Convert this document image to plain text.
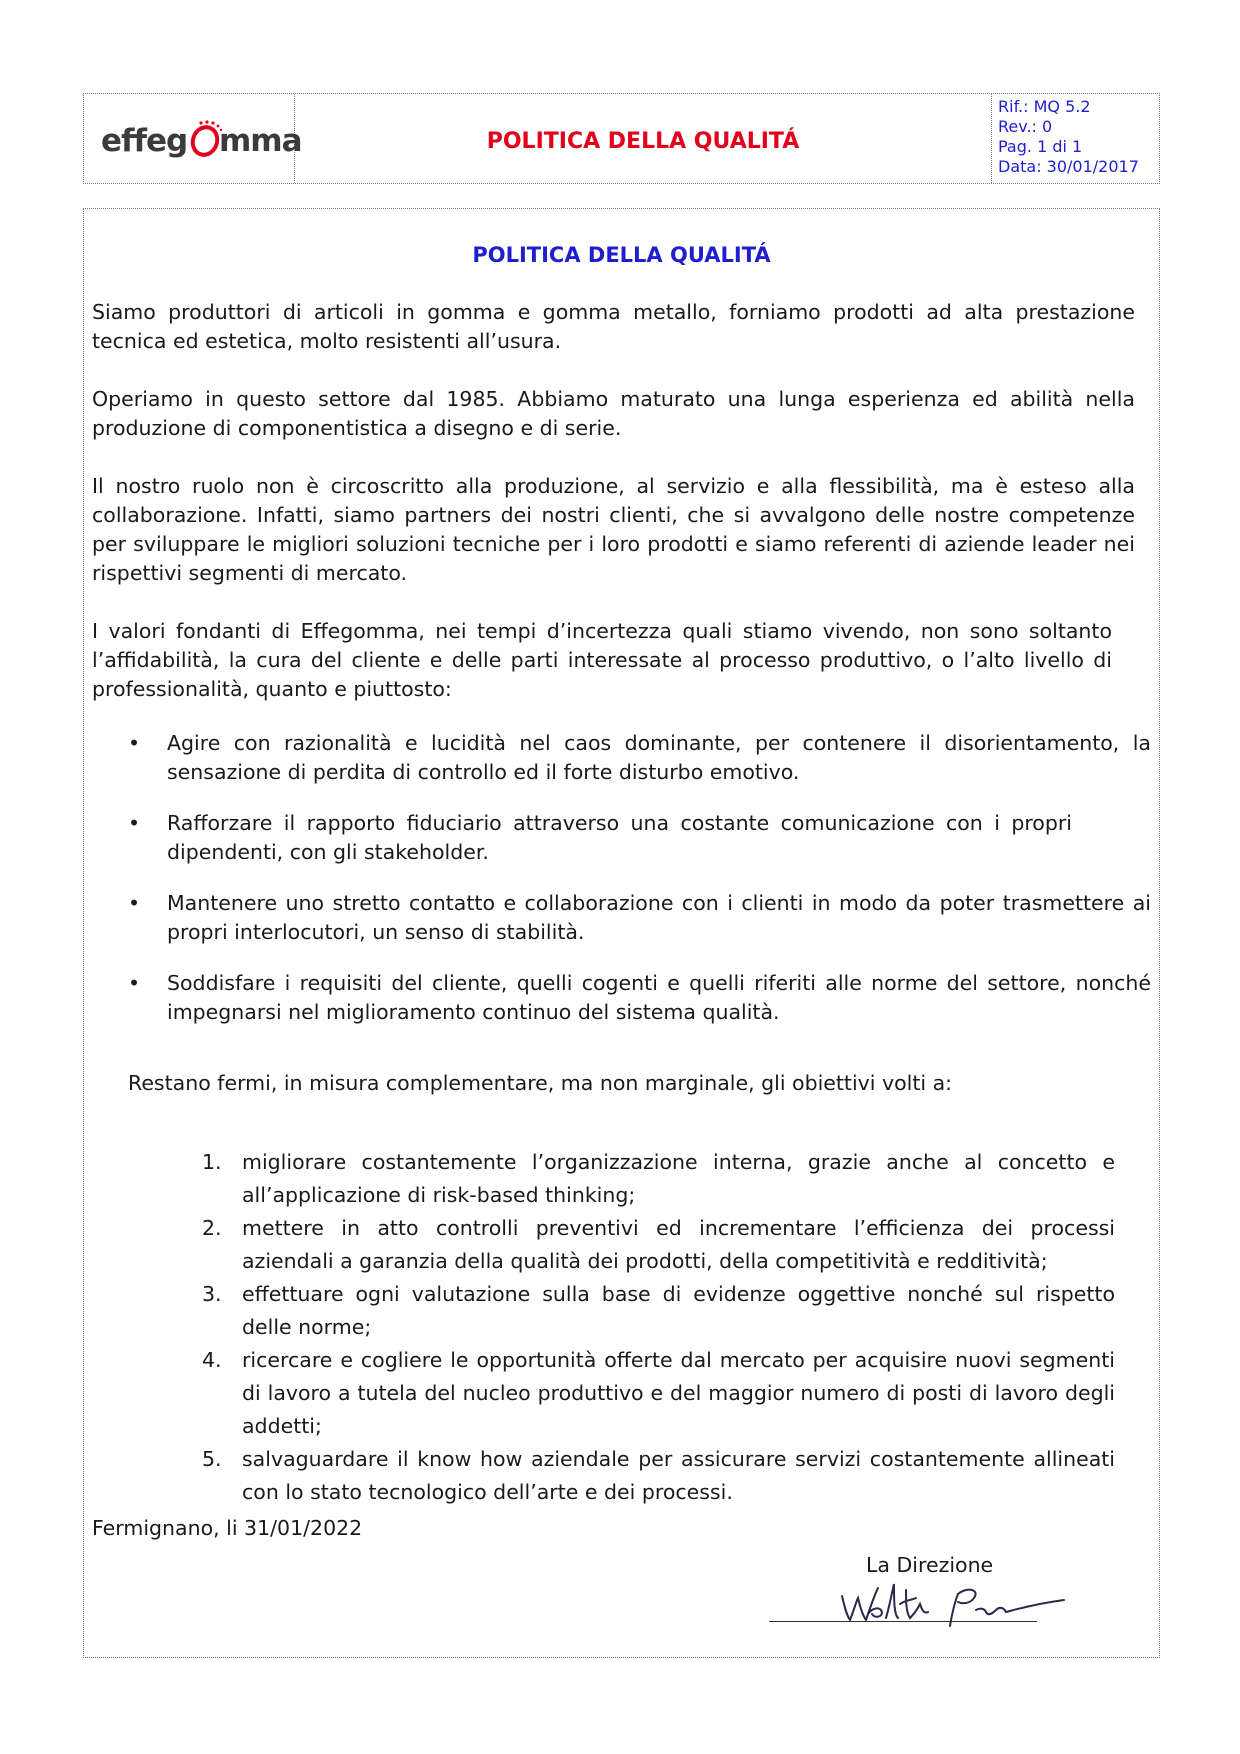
effeg mma	POLITICA DELLA QUALITÁ
Rif.: MQ 5.2
Rev.: 0
Pag. 1 di 1
Data: 30/01/2017
POLITICA DELLA QUALITÁ

Siamo produttori di articoli in gomma e gomma metallo, forniamo prodotti ad alta prestazione tecnica ed estetica, molto resistenti all’usura.

Operiamo in questo settore dal 1985. Abbiamo maturato una lunga esperienza ed abilità nella produzione di componentistica a disegno e di serie.

Il nostro ruolo non è circoscritto alla produzione, al servizio e alla flessibilità, ma è esteso alla collaborazione. Infatti, siamo partners dei nostri clienti, che si avvalgono delle nostre competenze per sviluppare le migliori soluzioni tecniche per i loro prodotti e siamo referenti di aziende leader nei rispettivi segmenti di mercato.

I valori fondanti di Effegomma, nei tempi d’incertezza quali stiamo vivendo, non sono soltanto l’affidabilità, la cura del cliente e delle parti interessate al processo produttivo, o l’alto livello di professionalità, quanto e piuttosto:

• Agire con razionalità e lucidità nel caos dominante, per contenere il disorientamento, la sensazione di perdita di controllo ed il forte disturbo emotivo.
• Rafforzare il rapporto fiduciario attraverso una costante comunicazione con i propri dipendenti, con gli stakeholder.
• Mantenere uno stretto contatto e collaborazione con i clienti in modo da poter trasmettere ai propri interlocutori, un senso di stabilità.
• Soddisfare i requisiti del cliente, quelli cogenti e quelli riferiti alle norme del settore, nonché impegnarsi nel miglioramento continuo del sistema qualità.
Restano fermi, in misura complementare, ma non marginale, gli obiettivi volti a:
1. migliorare costantemente l’organizzazione interna, grazie anche al concetto e all’applicazione di risk-based thinking;
2. mettere in atto controlli preventivi ed incrementare l’efficienza dei processi aziendali a garanzia della qualità dei prodotti, della competitività e redditività;
3. effettuare ogni valutazione sulla base di evidenze oggettive nonché sul rispetto delle norme;
4. ricercare e cogliere le opportunità offerte dal mercato per acquisire nuovi segmenti di lavoro a tutela del nucleo produttivo e del maggior numero di posti di lavoro degli addetti;
5. salvaguardare il know how aziendale per assicurare servizi costantemente allineati con lo stato tecnologico dell’arte e dei processi.
Fermignano, li 31/01/2022
La Direzione
